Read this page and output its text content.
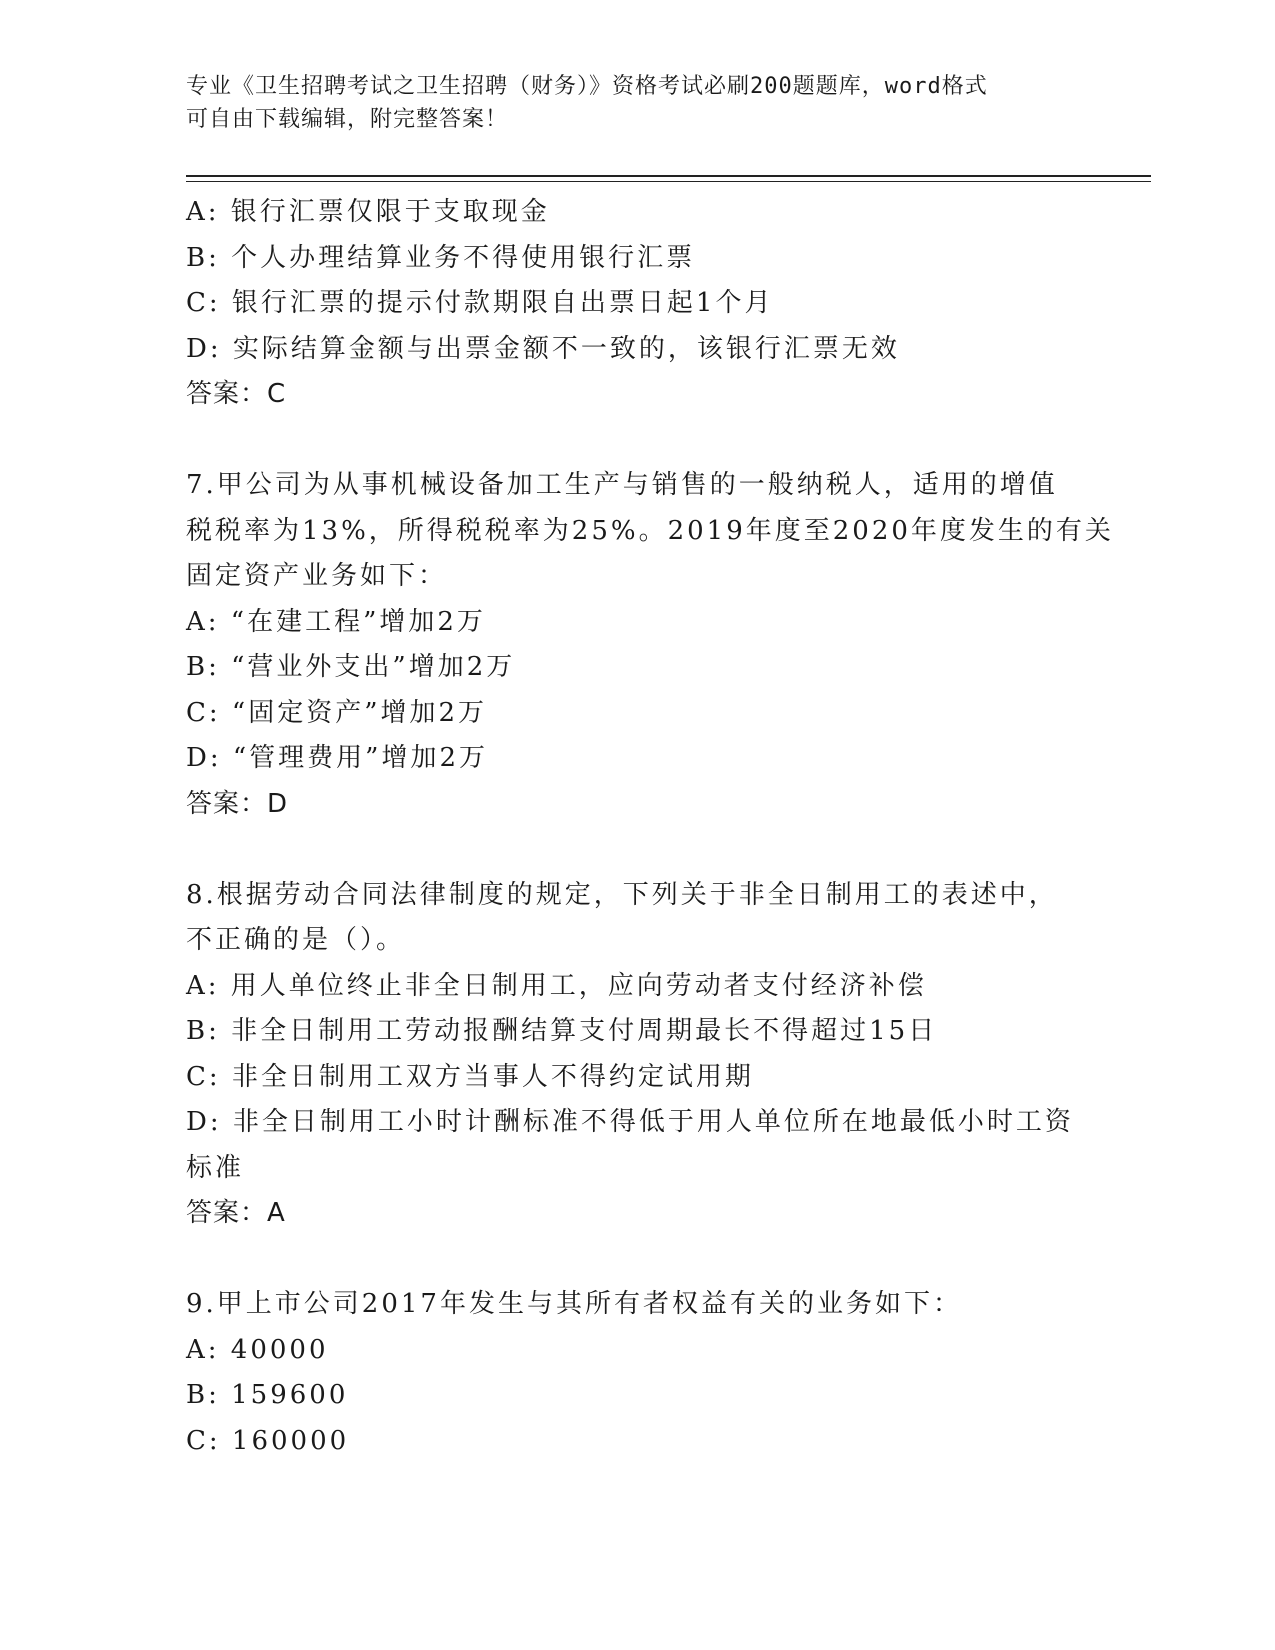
专业《卫生招聘考试之卫生招聘（财务）》资格考试必刷200题题库，word格式
可自由下载编辑，附完整答案！
A: 银行汇票仅限于支取现金
B: 个人办理结算业务不得使用银行汇票
C: 银行汇票的提示付款期限自出票日起1个月
D: 实际结算金额与出票金额不一致的，该银行汇票无效
答案：C
7.甲公司为从事机械设备加工生产与销售的一般纳税人，适用的增值
税税率为13%，所得税税率为25%。2019年度至2020年度发生的有关
固定资产业务如下：
A: “在建工程”增加2万
B: “营业外支出”增加2万
C: “固定资产”增加2万
D: “管理费用”增加2万
答案：D
8.根据劳动合同法律制度的规定，下列关于非全日制用工的表述中，
不正确的是（）。
A: 用人单位终止非全日制用工，应向劳动者支付经济补偿
B: 非全日制用工劳动报酬结算支付周期最长不得超过15日
C: 非全日制用工双方当事人不得约定试用期
D: 非全日制用工小时计酬标准不得低于用人单位所在地最低小时工资
标准
答案：A
9.甲上市公司2017年发生与其所有者权益有关的业务如下：
A: 40000
B: 159600
C: 160000
